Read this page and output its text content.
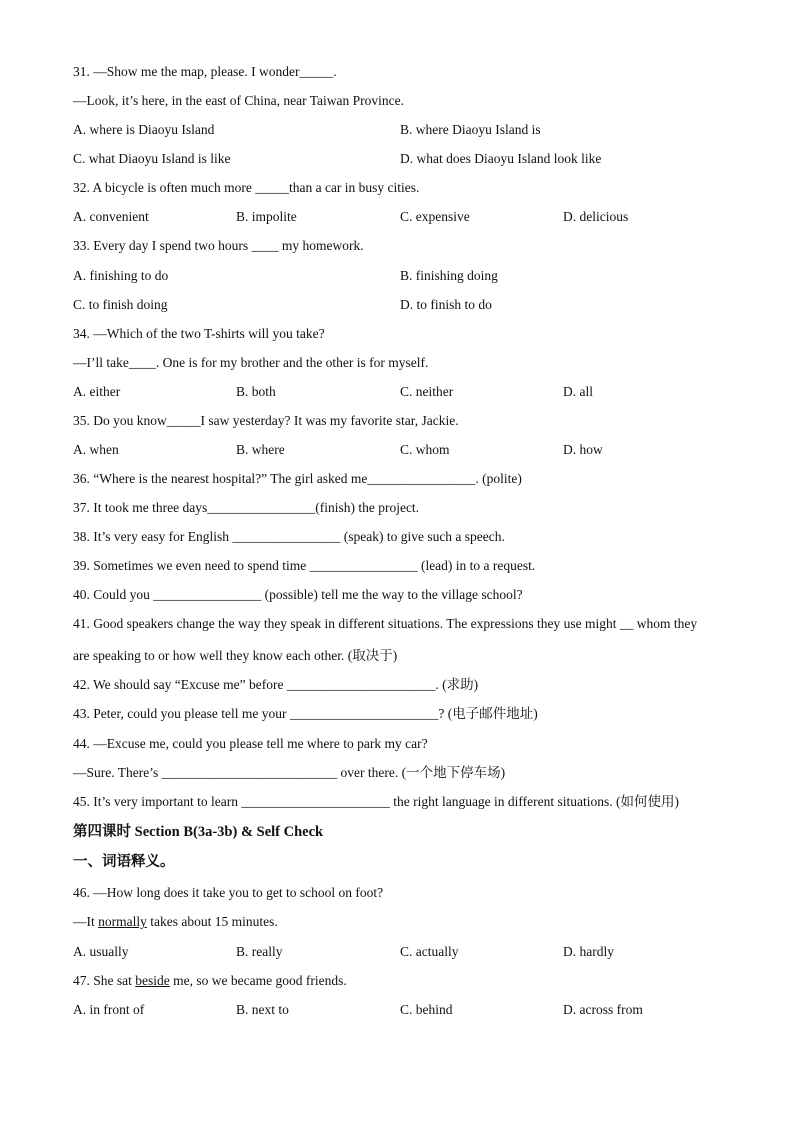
31. —Show me the map, please. I wonder_____.
—Look, it’s here, in the east of China, near Taiwan Province.
A. where is Diaoyu Island	B. where Diaoyu Island is
C. what Diaoyu Island is like	D. what does Diaoyu Island look like
32. A bicycle is often much more _____than a car in busy cities.
A. convenient	B. impolite	C. expensive	D. delicious
33. Every day I spend two hours ____ my homework.
A. finishing to do	B. finishing doing
C. to finish doing	D. to finish to do
34. —Which of the two T-shirts will you take?
—I’ll take____. One is for my brother and the other is for myself.
A. either	B. both	C. neither	D. all
35. Do you know_____I saw yesterday? It was my favorite star, Jackie.
A. when	B. where	C. whom	D. how
36. “Where is the nearest hospital?” The girl asked me________________. (polite)
37. It took me three days________________(finish) the project.
38. It’s very easy for English ________________ (speak) to give such a speech.
39. Sometimes we even need to spend time ________________ (lead) in to a request.
40. Could you ________________ (possible) tell me the way to the village school?
41. Good speakers change the way they speak in different situations. The expressions they use might __ whom they
are speaking to or how well they know each other. (取决于)
42. We should say “Excuse me” before ______________________. (求助)
43. Peter, could you please tell me your ______________________? (电子邮件地址)
44. —Excuse me, could you please tell me where to park my car?
—Sure. There’s __________________________ over there. (一个地下停车场)
45. It’s very important to learn ______________________ the right language in different situations. (如何使用)
第四课时 Section B(3a-3b) & Self Check
一、词语释义。
46. —How long does it take you to get to school on foot?
—It normally takes about 15 minutes.
A. usually	B. really	C. actually	D. hardly
47. She sat beside me, so we became good friends.
A. in front of	B. next to	C. behind	D. across from
